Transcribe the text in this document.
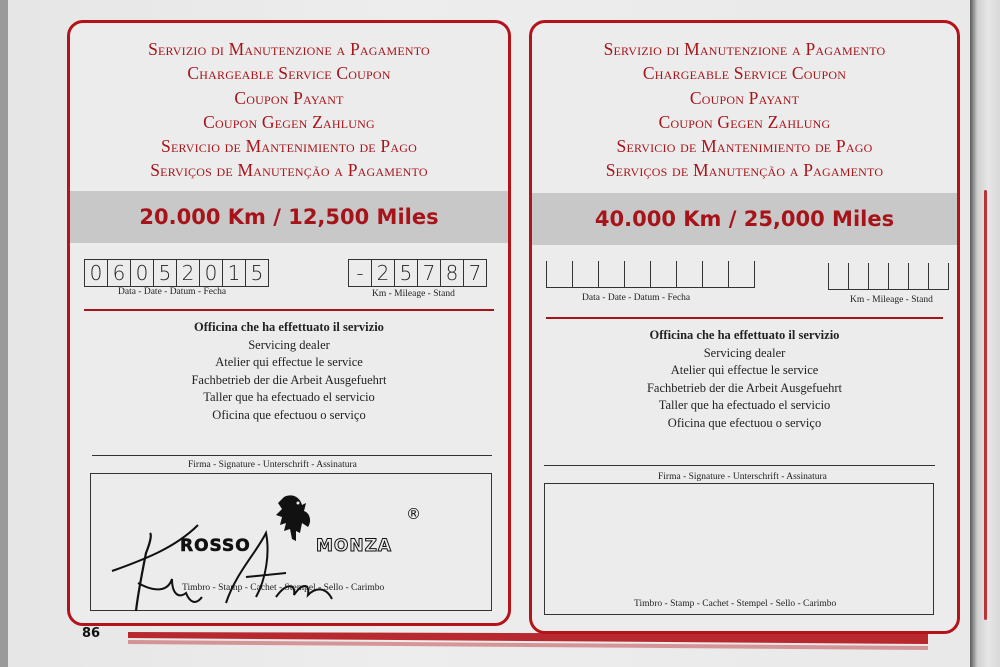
Servizio di Manutenzione a Pagamento
Chargeable Service Coupon
Coupon Payant
Coupon Gegen Zahlung
Servicio de Mantenimiento de Pago
Serviços de Manutenção a Pagamento
20.000 Km / 12,500 Miles
0 6 0 5 2 0 1 5
Data - Date - Datum - Fecha
- 2 5 7 8 7
Km - Mileage - Stand
Officina che ha effettuato il servizio
Servicing dealer
Atelier qui effectue le service
Fachbetrieb der die Arbeit Ausgefuehrt
Taller que ha efectuado el servicio
Oficina que efectuou o serviço
Firma - Signature - Unterschrift - Assinatura
Timbro - Stamp - Cachet - Stempel - Sello - Carimbo
ROSSO	MONZA
®
Servizio di Manutenzione a Pagamento
Chargeable Service Coupon
Coupon Payant
Coupon Gegen Zahlung
Servicio de Mantenimiento de Pago
Serviços de Manutenção a Pagamento
40.000 Km / 25,000 Miles
Data - Date - Datum - Fecha	Km - Mileage - Stand
Officina che ha effettuato il servizio
Servicing dealer
Atelier qui effectue le service
Fachbetrieb der die Arbeit Ausgefuehrt
Taller que ha efectuado el servicio
Oficina que efectuou o serviço
Firma - Signature - Unterschrift - Assinatura
Timbro - Stamp - Cachet - Stempel - Sello - Carimbo
86
